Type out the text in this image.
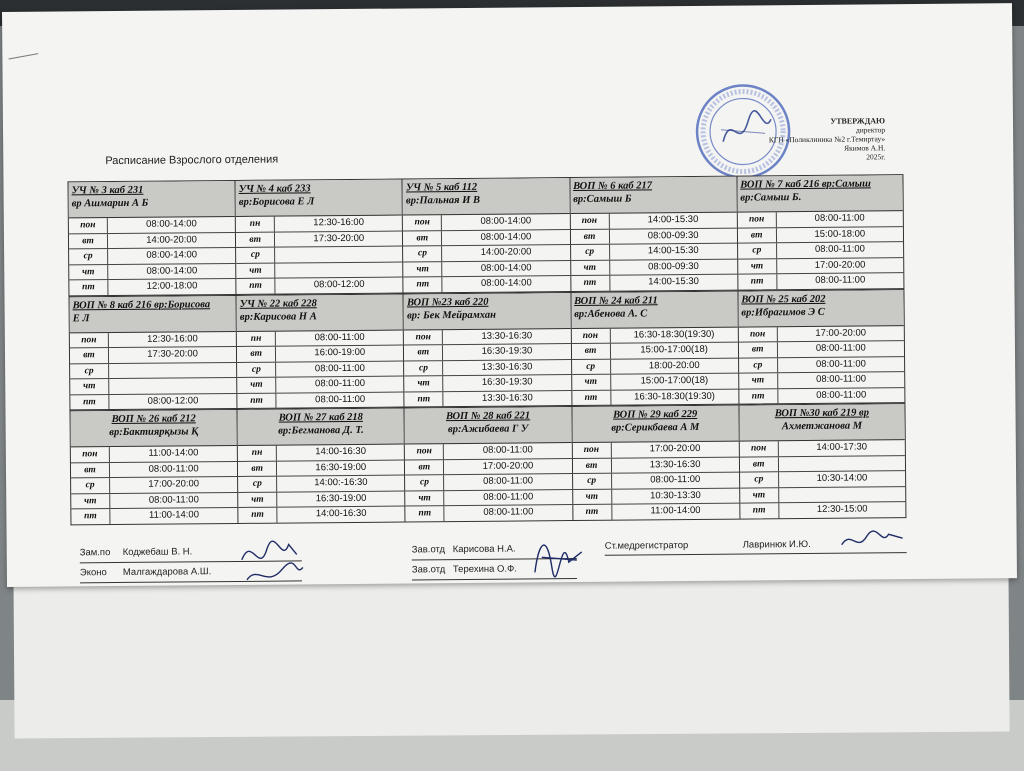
Расписание Взрослого отделения
УТВЕРЖДАЮ
директор
КГП «Поликлиника №2 г.Темиртау»
Якимов А.Н.
2025г.
УЧ № 3 каб 231
вр Ашмарин А Б
пон	08:00-14:00
вт	14:00-20:00
ср	08:00-14:00
чт	08:00-14:00
пт	12:00-18:00
УЧ № 4 каб 233
вр:Борисова Е Л
пн	12:30-16:00
вт	17:30-20:00
ср
чт
пт	08:00-12:00
УЧ № 5 каб 112
вр:Пальная И В
пон	08:00-14:00
вт	08:00-14:00
ср	14:00-20:00
чт	08:00-14:00
пт	08:00-14:00
ВОП № 6 каб 217
вр:Самыш Б
пон	14:00-15:30
вт	08:00-09:30
ср	14:00-15:30
чт	08:00-09:30
пт	14:00-15:30
ВОП № 7 каб 216 вр:Самыш
вр:Самыш Б.
пон	08:00-11:00
вт	15:00-18:00
ср	08:00-11:00
чт	17:00-20:00
пт	08:00-11:00
ВОП № 8 каб 216 вр:Борисова
Е Л
пон	12:30-16:00
вт	17:30-20:00
ср
чт
пт	08:00-12:00
УЧ № 22 каб 228
вр:Карисова Н А
пн	08:00-11:00
вт	16:00-19:00
ср	08:00-11:00
чт	08:00-11:00
пт	08:00-11:00
ВОП №23 каб 220
вр: Бек Мейрамхан
пон	13:30-16:30
вт	16:30-19:30
ср	13:30-16:30
чт	16:30-19:30
пт	13:30-16:30
ВОП № 24 каб 211
вр:Абенова А. С
пон	16:30-18:30(19:30)
вт	15:00-17:00(18)
ср	18:00-20:00
чт	15:00-17:00(18)
пт	16:30-18:30(19:30)
ВОП № 25 каб 202
вр:Ибрагимов Э С
пон	17:00-20:00
вт	08:00-11:00
ср	08:00-11:00
чт	08:00-11:00
пт	08:00-11:00
ВОП № 26 каб 212
вр:Бактиярқызы Қ
пон	11:00-14:00
вт	08:00-11:00
ср	17:00-20:00
чт	08:00-11:00
пт	11:00-14:00
ВОП № 27 каб 218
вр:Бегманова Д. Т.
пн	14:00-16:30
вт	16:30-19:00
ср	14:00:-16:30
чт	16:30-19:00
пт	14:00-16:30
ВОП № 28 каб 221
вр:Ажибаева Г У
пон	08:00-11:00
вт	17:00-20:00
ср	08:00-11:00
чт	08:00-11:00
пт	08:00-11:00
ВОП № 29 каб 229
вр:Серикбаева А М
пон	17:00-20:00
вт	13:30-16:30
ср	08:00-11:00
чт	10:30-13:30
пт	11:00-14:00
ВОП №30 каб 219 вр
Ахметжанова М
пон	14:00-17:30
вт
ср	10:30-14:00
чт
пт	12:30-15:00
Зам.по Коджебаш В. Н.
Эконо Малгаждарова А.Ш.
Зав.отд Карисова Н.А.
Зав.отд Терехина О.Ф.
Ст.медрегистратор	Лавринюк И.Ю.
